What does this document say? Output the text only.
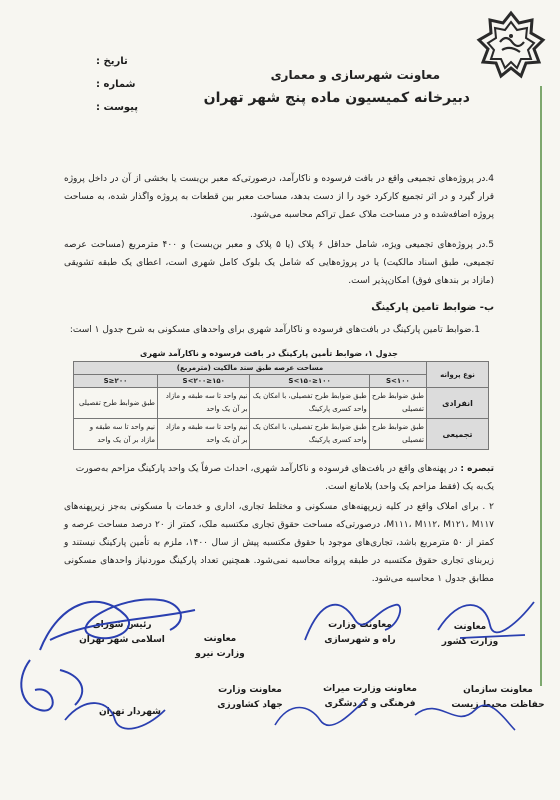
معاونت شهرسازی و معماری
دبیرخانه کمیسیون ماده پنج شهر تهران
تاریخ :
شماره :
پیوست :

4.در پروژه‌های تجمیعی واقع در بافت فرسوده و ناکارآمد، درصورتی‌که معبر بن‌بست یا بخشی از آن در داخل پروژه قرار گیرد و در اثر تجمیع کارکرد خود را از دست بدهد، مساحت معبر بین قطعات به پروژه واگذار شده، به مساحت پروژه اضافه‌شده و در مساحت ملاک عمل تراکم محاسبه می‌شود.

5.در پروژه‌های تجمیعی ویژه، شامل حداقل ۶ پلاک (یا ۵ پلاک و معبر بن‌بست) و ۴۰۰ مترمربع (مساحت عرصه تجمیعی، طبق اسناد مالکیت) یا در پروژه‌هایی که شامل یک بلوک کامل شهری است، اعطای یک طبقه تشویقی (مازاد بر بندهای فوق) امکان‌پذیر است.

ب- ضوابط تامین پارکینگ

1.ضوابط تامین پارکینگ در بافت‌های فرسوده و ناکارآمد شهری برای واحدهای مسکونی به شرح جدول ۱ است:

جدول ۱، ضوابط تأمین پارکینگ در بافت فرسوده و ناکارآمد شهری
نوع پروانه	مساحت عرصه طبق سند مالکیت (مترمربع)			
	S<۱۰۰	۱۰۰≤S<۱۵۰	۱۵۰≤S<۲۰۰	۲۰۰≤S
انفرادی	طبق ضوابط طرح تفصیلی	طبق ضوابط طرح تفصیلی، با امکان یک واحد کسری پارکینگ	نیم واحد تا سه طبقه و مازاد بر آن یک واحد	طبق ضوابط طرح تفصیلی
تجمیعی	طبق ضوابط طرح تفصیلی	طبق ضوابط طرح تفصیلی، با امکان یک واحد کسری پارکینگ	نیم واحد تا سه طبقه و مازاد بر آن یک واحد	نیم واحد تا سه طبقه و مازاد بر آن یک واحد

تبصره : در پهنه‌های واقع در بافت‌های فرسوده و ناکارآمد شهری، احداث صرفاً یک واحد پارکینگ مزاحم به‌صورت یک‌به یک (فقط مزاحم یک واحد) بلامانع است.

۲ . برای املاک واقع در کلیه زیرپهنه‌های مسکونی و مختلط تجاری، اداری و خدمات با مسکونی به‌جز زیرپهنه‌های M۱۱۱، M۱۱۲، M۱۲۱، M۱۱۷، درصورتی‌که مساحت حقوق تجاری مکتسبه ملک، کمتر از ۲۰ درصد مساحت عرصه و کمتر از ۵۰ مترمربع باشد، تجاری‌های موجود با حقوق مکتسبه پیش از سال ۱۴۰۰، ملزم به تأمین پارکینگ نیستند و زیربنای تجاری حقوق مکتسبه در طبقه پروانه محاسبه نمی‌شود. همچنین تعداد پارکینگ موردنیاز واحدهای مسکونی مطابق جدول ۱ محاسبه می‌شود.

معاونت
وزارت کشور
معاونت وزارت
راه و شهرسازی
معاونت
وزارت نیرو
رئیس شورای
اسلامی شهر تهران
معاونت سازمان
حفاظت محیط زیست
معاونت وزارت میراث
فرهنگی و گردشگری
معاونت وزارت
جهاد کشاورزی
شهردار تهران
